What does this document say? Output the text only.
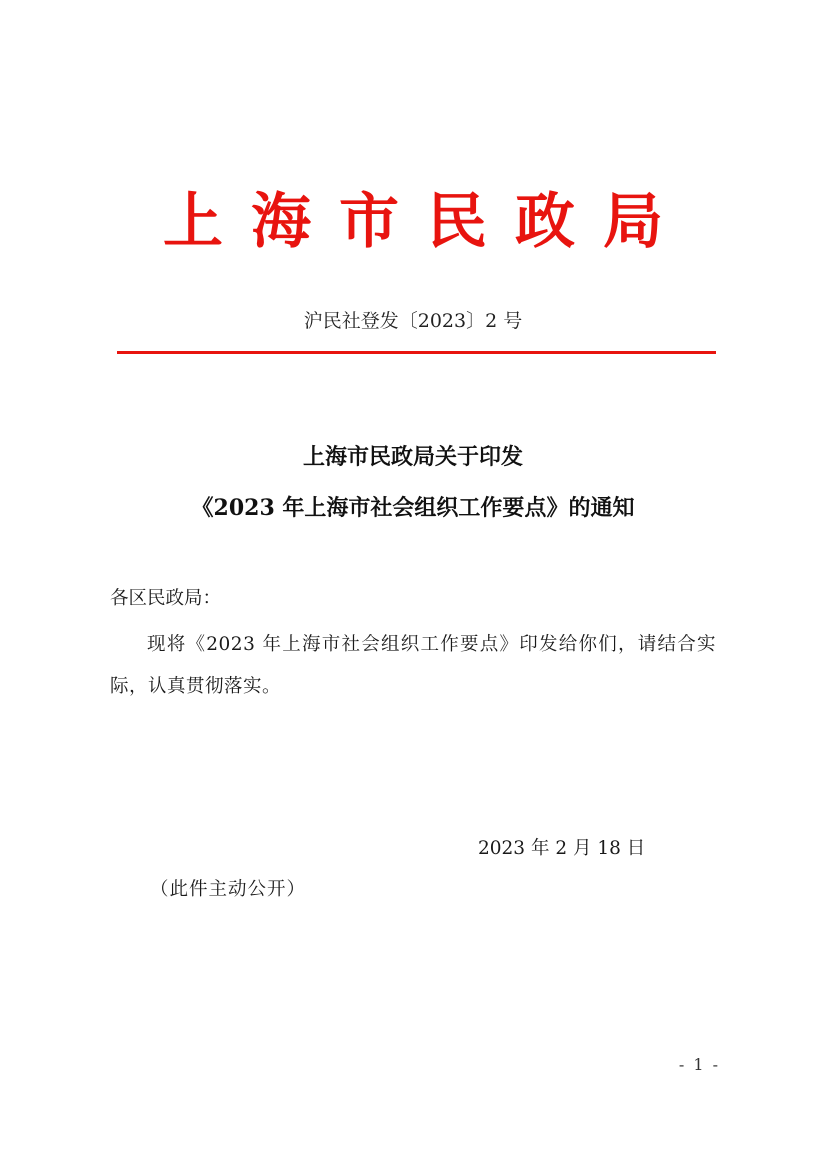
上海市民政局
沪民社登发〔2023〕2 号
上海市民政局关于印发
《2023 年上海市社会组织工作要点》的通知
各区民政局：
现将《2023 年上海市社会组织工作要点》印发给你们，请结合实际，认真贯彻落实。
2023 年 2 月 18 日
（此件主动公开）
- 1 -
